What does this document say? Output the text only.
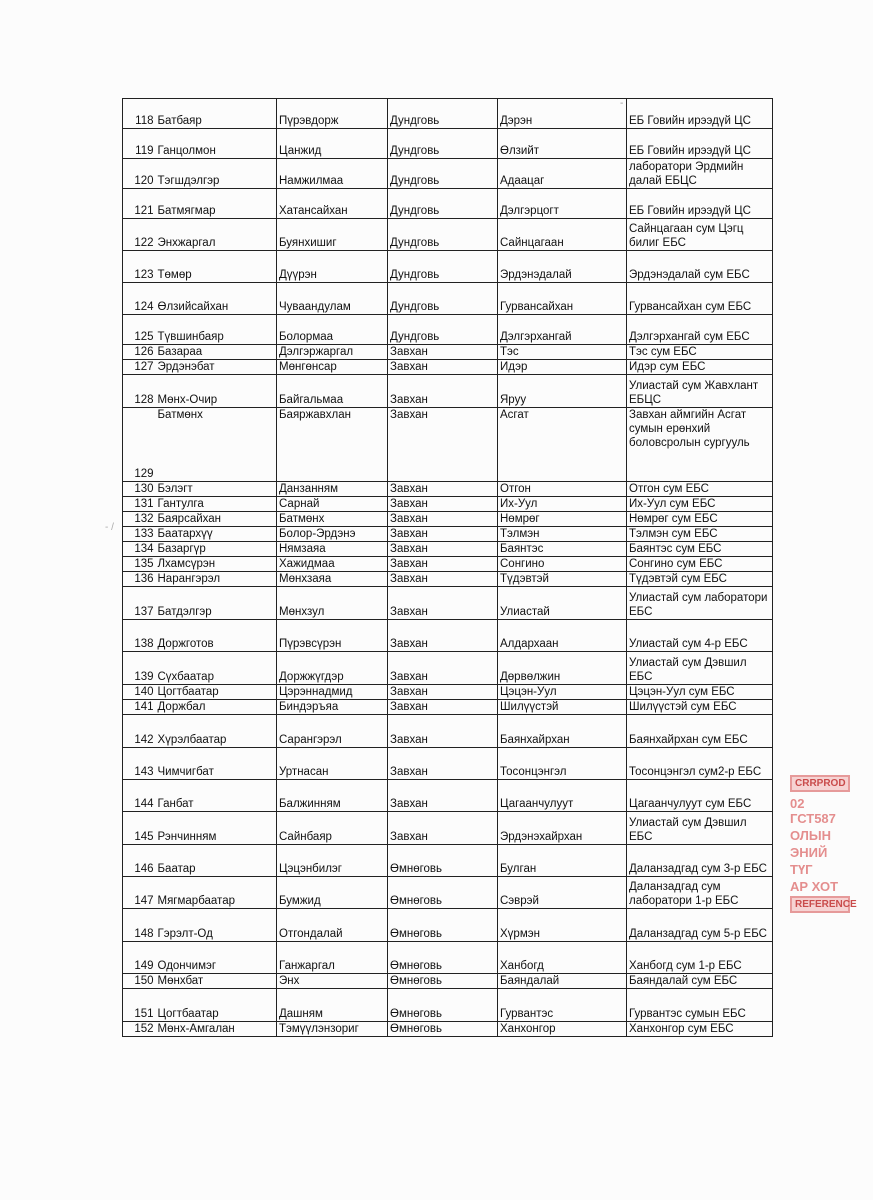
118	Батбаяр	Пүрэвдорж	Дундговь	Дэрэн	ЕБ Говийн ирээдүй ЦС
119	Ганцолмон	Цанжид	Дундговь	Өлзийт	ЕБ Говийн ирээдүй ЦС
120	Тэгшдэлгэр	Намжилмаа	Дундговь	Адаацаг	лаборатори Эрдмийн далай ЕБЦС
121	Батмягмар	Хатансайхан	Дундговь	Дэлгэрцогт	ЕБ Говийн ирээдүй ЦС
122	Энхжаргал	Буянхишиг	Дундговь	Сайнцагаан	Сайнцагаан сум Цэгц билиг ЕБС
123	Төмөр	Дүүрэн	Дундговь	Эрдэнэдалай	Эрдэнэдалай сум ЕБС
124	Өлзийсайхан	Чуваандулам	Дундговь	Гурвансайхан	Гурвансайхан сум ЕБС
125	Түвшинбаяр	Болормаа	Дундговь	Дэлгэрхангай	Дэлгэрхангай сум ЕБС
126	Базараа	Дэлгэржаргал	Завхан	Тэс	Тэс сум ЕБС
127	Эрдэнэбат	Мөнгөнсар	Завхан	Идэр	Идэр сум ЕБС
128	Мөнх-Очир	Байгальмаа	Завхан	Яруу	Улиастай сум Жавхлант ЕБЦС
129	Батмөнх	Баяржавхлан	Завхан	Асгат	Завхан аймгийн Асгат сумын ерөнхий боловсролын сургууль
130	Бэлэгт	Данзанням	Завхан	Отгон	Отгон сум ЕБС
131	Гантулга	Сарнай	Завхан	Их-Уул	Их-Уул сум ЕБС
132	Баярсайхан	Батмөнх	Завхан	Нөмрөг	Нөмрөг сум ЕБС
133	Баатархүү	Болор-Эрдэнэ	Завхан	Тэлмэн	Тэлмэн сум ЕБС
134	Базаргүр	Нямзаяа	Завхан	Баянтэс	Баянтэс сум ЕБС
135	Лхамсүрэн	Хажидмаа	Завхан	Сонгино	Сонгино сум ЕБС
136	Нарангэрэл	Мөнхзаяа	Завхан	Түдэвтэй	Түдэвтэй сум ЕБС
137	Батдэлгэр	Мөнхзул	Завхан	Улиастай	Улиастай сум лаборатори ЕБС
138	Доржготов	Пүрэвсүрэн	Завхан	Алдархаан	Улиастай сум 4-р ЕБС
139	Сүхбаатар	Доржжүгдэр	Завхан	Дөрвөлжин	Улиастай сум Дэвшил ЕБС
140	Цогтбаатар	Цэрэннадмид	Завхан	Цэцэн-Уул	Цэцэн-Уул сум ЕБС
141	Доржбал	Биндэръяа	Завхан	Шилүүстэй	Шилүүстэй сум ЕБС
142	Хүрэлбаатар	Сарангэрэл	Завхан	Баянхайрхан	Баянхайрхан сум ЕБС
143	Чимчигбат	Уртнасан	Завхан	Тосонцэнгэл	Тосонцэнгэл сум2-р ЕБС
144	Ганбат	Балжинням	Завхан	Цагаанчулуут	Цагаанчулуут сум ЕБС
145	Рэнчинням	Сайнбаяр	Завхан	Эрдэнэхайрхан	Улиастай сум Дэвшил ЕБС
146	Баатар	Цэцэнбилэг	Өмнөговь	Булган	Даланзадгад сум 3-р ЕБС
147	Мягмарбаатар	Бумжид	Өмнөговь	Сэврэй	Даланзадгад сум лаборатори 1-р ЕБС
148	Гэрэлт-Од	Отгондалай	Өмнөговь	Хүрмэн	Даланзадгад сум 5-р ЕБС
149	Одончимэг	Ганжаргал	Өмнөговь	Ханбогд	Ханбогд сум 1-р ЕБС
150	Мөнхбат	Энх	Өмнөговь	Баяндалай	Баяндалай сум ЕБС
151	Цогтбаатар	Дашням	Өмнөговь	Гурвантэс	Гурвантэс сумын ЕБС
152	Мөнх-Амгалан	Тэмүүлэнзориг	Өмнөговь	Ханхонгор	Ханхонгор сум ЕБС
-
- /
CRRPROD
02 ГСТ587
ОЛЫН
ЭНИЙ
ТҮГ
АР ХОТ
REFERENCE
